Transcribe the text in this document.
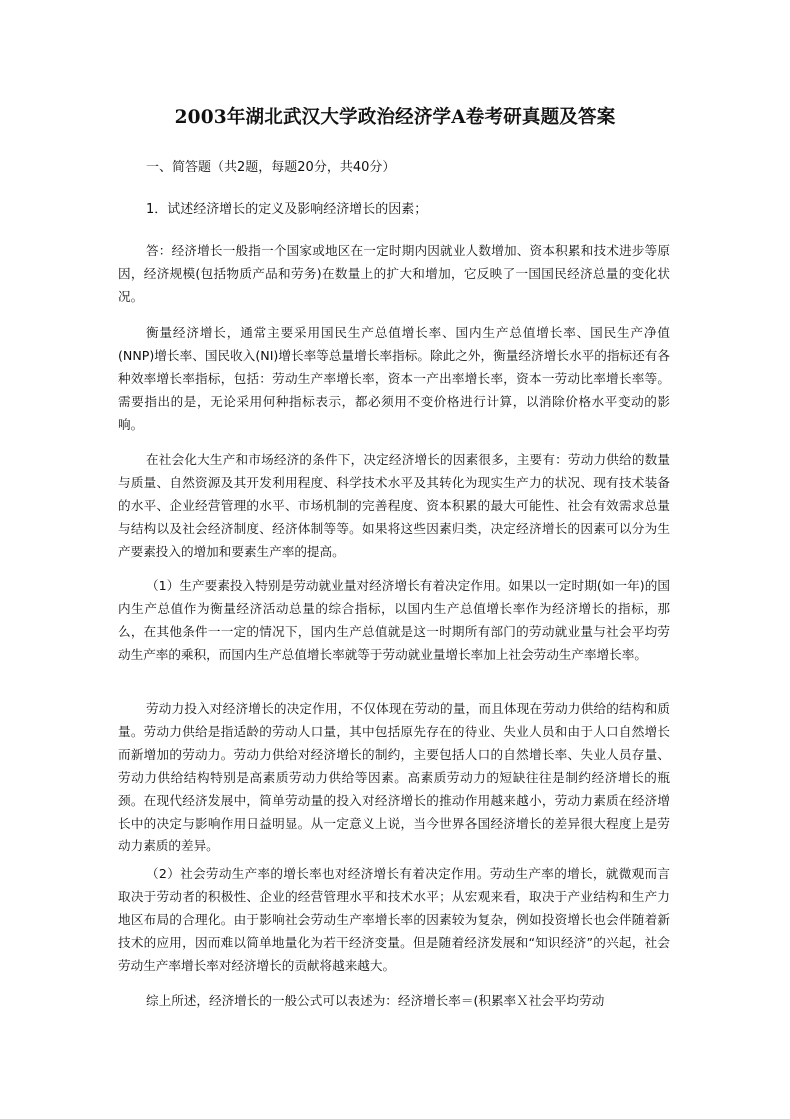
2003年湖北武汉大学政治经济学A卷考研真题及答案
一、简答题（共2题，每题20分，共40分）
1．试述经济增长的定义及影响经济增长的因素；

答：经济增长一般指一个国家或地区在一定时期内因就业人数增加、资本积累和技术进步等原因，经济规模(包括物质产品和劳务)在数量上的扩大和增加，它反映了一国国民经济总量的变化状况。

衡量经济增长，通常主要采用国民生产总值增长率、国内生产总值增长率、国民生产净值(NNP)增长率、国民收入(NI)增长率等总量增长率指标。除此之外，衡量经济增长水平的指标还有各种效率增长率指标，包括：劳动生产率增长率，资本一产出率增长率，资本一劳动比率增长率等。需要指出的是，无论采用何种指标表示，都必须用不变价格进行计算，以消除价格水平变动的影响。

在社会化大生产和市场经济的条件下，决定经济增长的因素很多，主要有：劳动力供给的数量与质量、自然资源及其开发利用程度、科学技术水平及其转化为现实生产力的状况、现有技术装备的水平、企业经营管理的水平、市场机制的完善程度、资本积累的最大可能性、社会有效需求总量与结构以及社会经济制度、经济体制等等。如果将这些因素归类，决定经济增长的因素可以分为生产要素投入的增加和要素生产率的提高。

（1）生产要素投入特别是劳动就业量对经济增长有着决定作用。如果以一定时期(如一年)的国内生产总值作为衡量经济活动总量的综合指标，以国内生产总值增长率作为经济增长的指标，那么，在其他条件一一定的情况下，国内生产总值就是这一时期所有部门的劳动就业量与社会平均劳动生产率的乘积，而国内生产总值增长率就等于劳动就业量增长率加上社会劳动生产率增长率。

劳动力投入对经济增长的决定作用，不仅体现在劳动的量，而且体现在劳动力供给的结构和质量。劳动力供给是指适龄的劳动人口量，其中包括原先存在的待业、失业人员和由于人口自然增长而新增加的劳动力。劳动力供给对经济增长的制约，主要包括人口的自然增长率、失业人员存量、劳动力供给结构特别是高素质劳动力供给等因素。高素质劳动力的短缺往往是制约经济增长的瓶颈。在现代经济发展中，简单劳动量的投入对经济增长的推动作用越来越小，劳动力素质在经济增长中的决定与影响作用日益明显。从一定意义上说，当今世界各国经济增长的差异很大程度上是劳动力素质的差异。

（2）社会劳动生产率的增长率也对经济增长有着决定作用。劳动生产率的增长，就微观而言取决于劳动者的积极性、企业的经营管理水平和技术水平；从宏观来看，取决于产业结构和生产力地区布局的合理化。由于影响社会劳动生产率增长率的因素较为复杂，例如投资增长也会伴随着新技术的应用，因而难以简单地量化为若干经济变量。但是随着经济发展和“知识经济”的兴起，社会劳动生产率增长率对经济增长的贡献将越来越大。

综上所述，经济增长的一般公式可以表述为：经济增长率＝(积累率Ｘ社会平均劳动
